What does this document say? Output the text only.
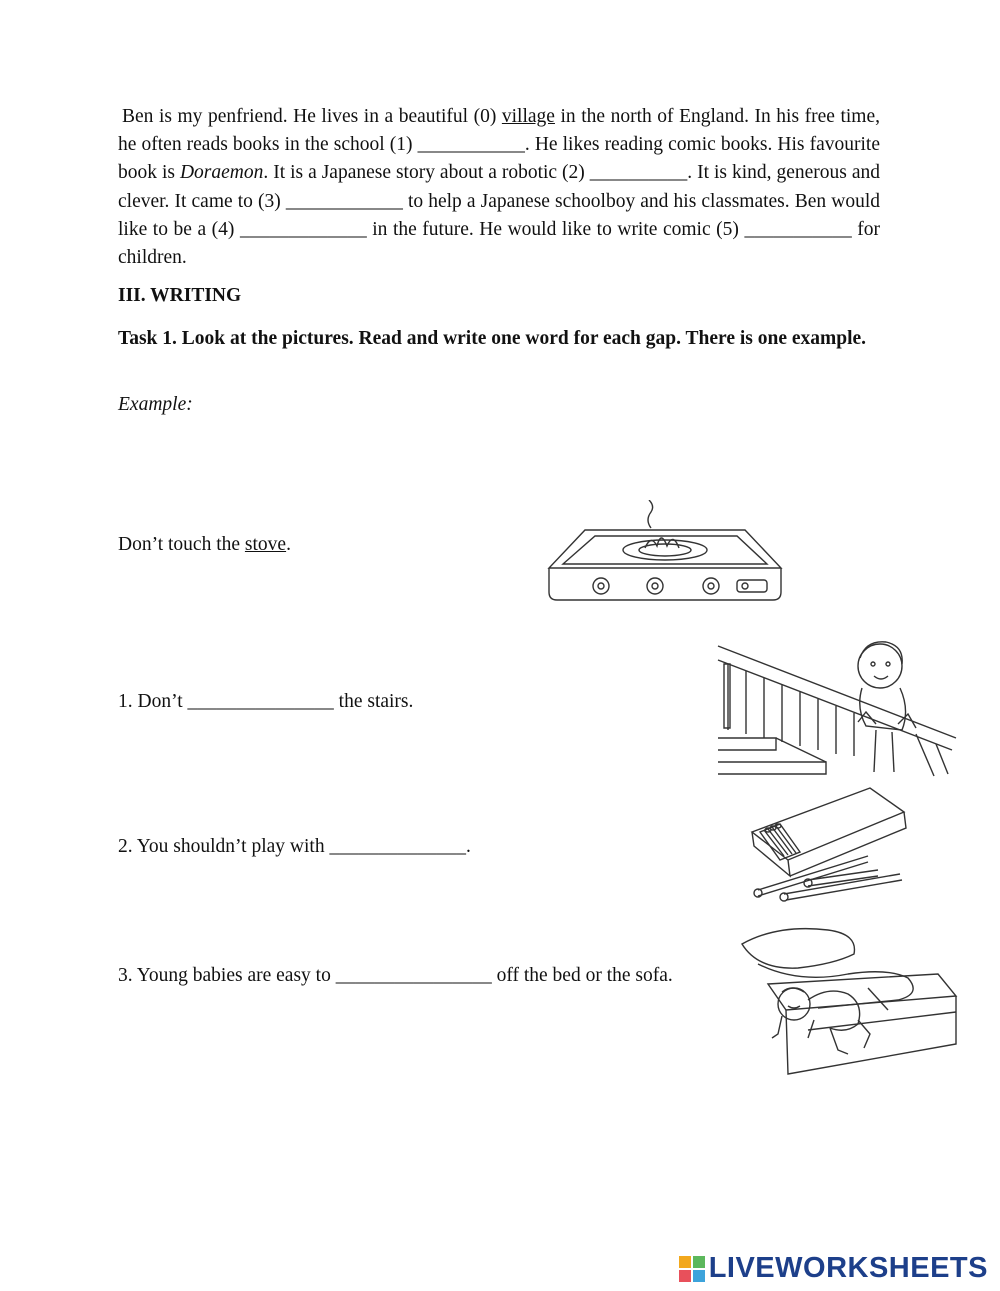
Ben is my penfriend. He lives in a beautiful (0) village in the north of England. In his free time, he often reads books in the school (1) ___________. He likes reading comic books. His favourite book is Doraemon. It is a Japanese story about a robotic (2) __________. It is kind, generous and clever. It came to (3) ____________ to help a Japanese schoolboy and his classmates. Ben would like to be a (4) _____________ in the future. He would like to write comic (5) ___________ for children.
III. WRITING
Task 1. Look at the pictures. Read and write one word for each gap. There is one example.
Example:
Don’t touch the stove.
1. Don’t _______________ the stairs.
2. You shouldn’t play with ______________.
3. Young babies are easy to ________________ off the bed or the sofa.
LIVEWORKSHEETS
